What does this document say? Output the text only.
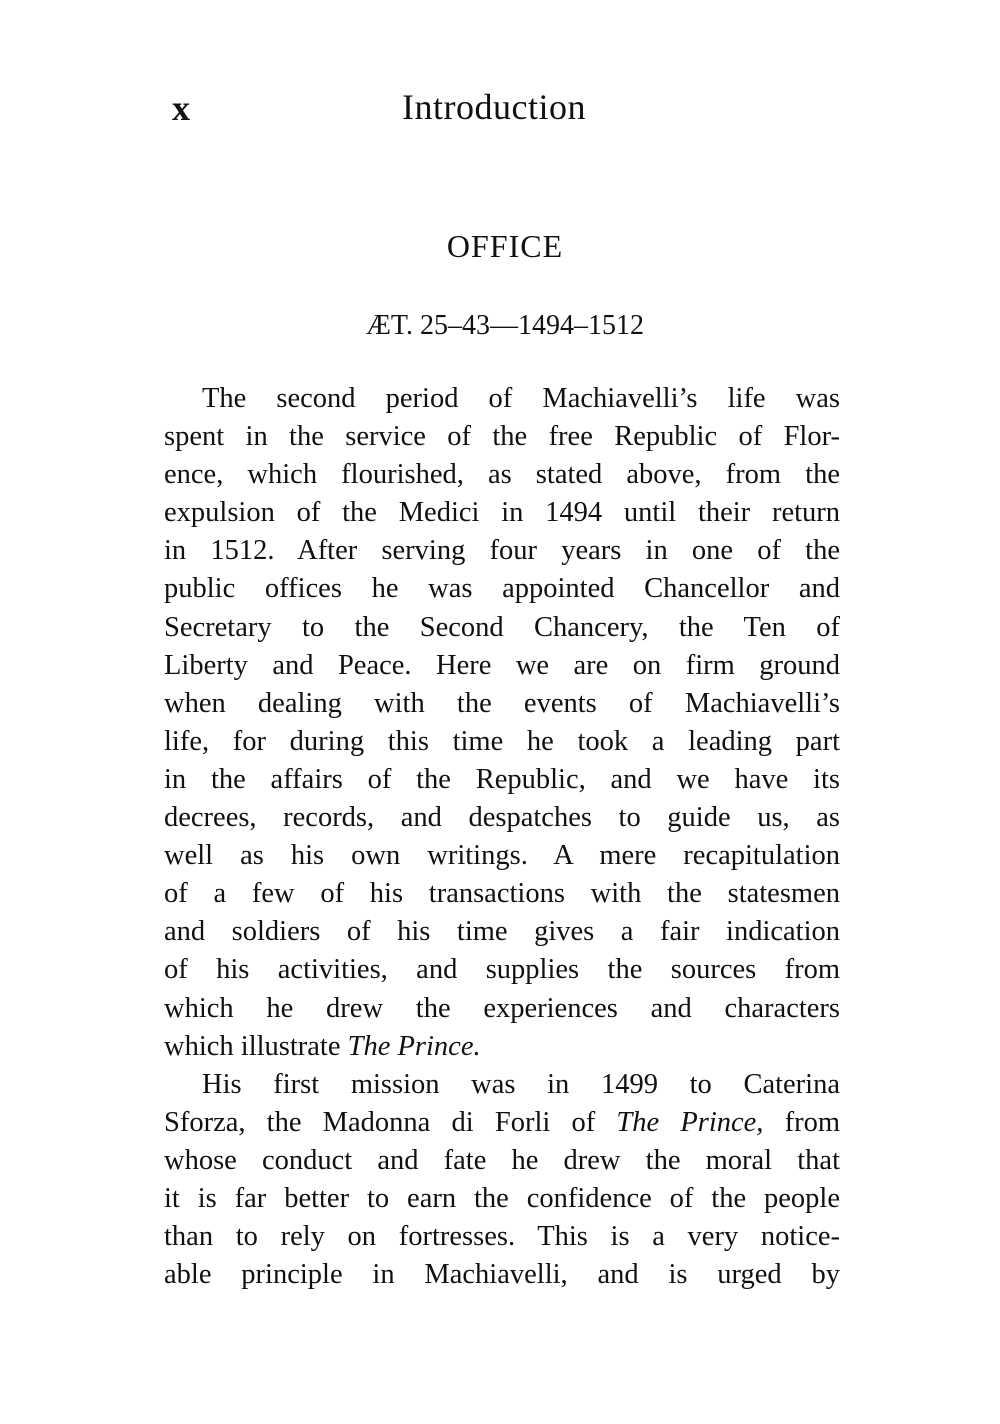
x	Introduction
OFFICE
ÆT. 25–43—1494–1512
The second period of Machiavelli’s life was
spent in the service of the free Republic of Flor-
ence, which flourished, as stated above, from the
expulsion of the Medici in 1494 until their return
in 1512. After serving four years in one of the
public offices he was appointed Chancellor and
Secretary to the Second Chancery, the Ten of
Liberty and Peace. Here we are on firm ground
when dealing with the events of Machiavelli’s
life, for during this time he took a leading part
in the affairs of the Republic, and we have its
decrees, records, and despatches to guide us, as
well as his own writings. A mere recapitulation
of a few of his transactions with the statesmen
and soldiers of his time gives a fair indication
of his activities, and supplies the sources from
which he drew the experiences and characters
which illustrate The Prince.
His first mission was in 1499 to Caterina
Sforza, the Madonna di Forli of The Prince, from
whose conduct and fate he drew the moral that
it is far better to earn the confidence of the people
than to rely on fortresses. This is a very notice-
able principle in Machiavelli, and is urged by
